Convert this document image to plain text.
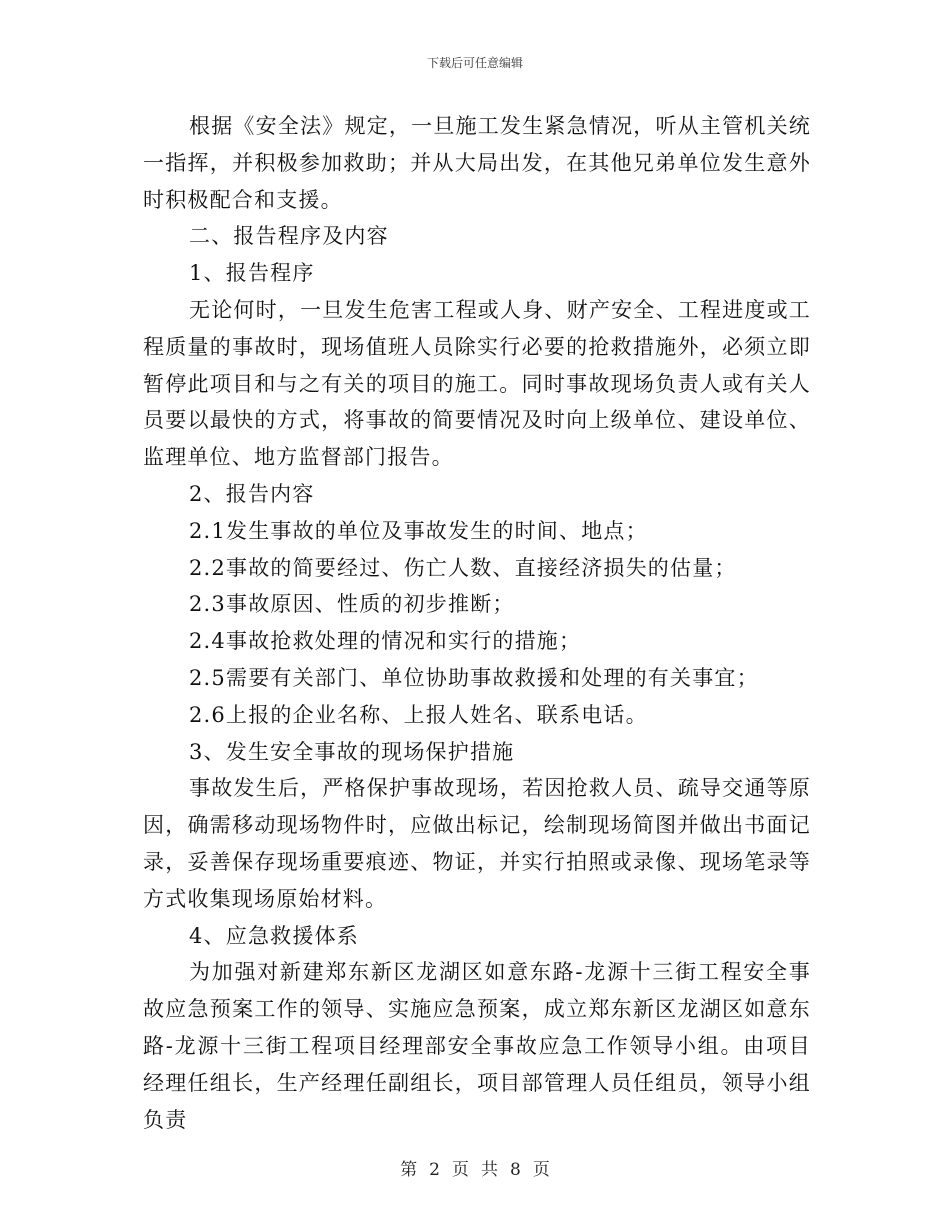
下载后可任意编辑

根据《安全法》规定，一旦施工发生紧急情况，听从主管机关统一指挥，并积极参加救助；并从大局出发，在其他兄弟单位发生意外时积极配合和支援。

二、报告程序及内容

1、报告程序

无论何时，一旦发生危害工程或人身、财产安全、工程进度或工程质量的事故时，现场值班人员除实行必要的抢救措施外，必须立即暂停此项目和与之有关的项目的施工。同时事故现场负责人或有关人员要以最快的方式，将事故的简要情况及时向上级单位、建设单位、监理单位、地方监督部门报告。

2、报告内容

2.1发生事故的单位及事故发生的时间、地点；

2.2事故的简要经过、伤亡人数、直接经济损失的估量；

2.3事故原因、性质的初步推断；

2.4事故抢救处理的情况和实行的措施；

2.5需要有关部门、单位协助事故救援和处理的有关事宜；

2.6上报的企业名称、上报人姓名、联系电话。

3、发生安全事故的现场保护措施

事故发生后，严格保护事故现场，若因抢救人员、疏导交通等原因，确需移动现场物件时，应做出标记，绘制现场简图并做出书面记录，妥善保存现场重要痕迹、物证，并实行拍照或录像、现场笔录等方式收集现场原始材料。

4、应急救援体系

为加强对新建郑东新区龙湖区如意东路-龙源十三街工程安全事故应急预案工作的领导、实施应急预案，成立郑东新区龙湖区如意东路-龙源十三街工程项目经理部安全事故应急工作领导小组。由项目经理任组长，生产经理任副组长，项目部管理人员任组员，领导小组负责

第 2 页 共 8 页
